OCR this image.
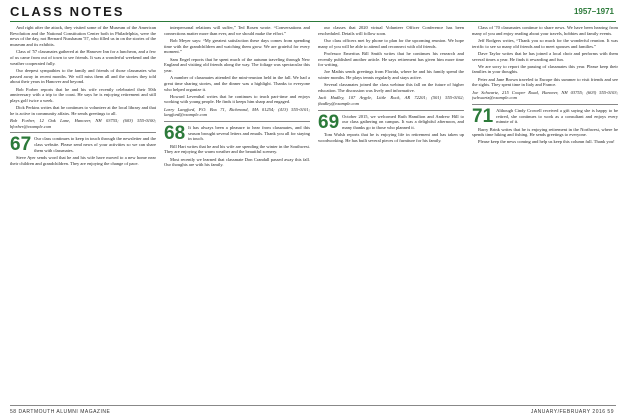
CLASS NOTES	1957–1971

And right after the attack, they visited some of the Museum of the American Revolution and the National Constitution Center both in Philadelphia, were the news of the day, not Bernard Nussbaum '57, who filled us in on the stories of the museum and its exhibits.

Class of '57 classmates gathered at the Hanover Inn for a luncheon, and a few of us came from out of town to see friends. It was a wonderful weekend and the weather cooperated fully.

Our deepest sympathies to the family and friends of those classmates who passed away in recent months. We will miss them all and the stories they told about their years in Hanover and beyond.

Bob Forber reports that he and his wife recently celebrated their 50th anniversary with a trip to the coast. He says he is enjoying retirement and still plays golf twice a week.

Dick Perkins writes that he continues to volunteer at the local library and that he is active in community affairs. He sends greetings to all.

Bob Forber, 12 Oak Lane, Hanover, NH 03755; (603) 555-0100; bforber@example.com

67 Our class continues to keep in touch through the newsletter and the class website. Please send news of your activities so we can share them with classmates.

Steve Ayer sends word that he and his wife have moved to a new home near their children and grandchildren. They are enjoying the change of pace.

interpersonal relations will suffer,” Ted Rosen wrote. “Conversations and connections matter more than ever, and we should make the effort.”

Bob Meyer says: “My greatest satisfaction these days comes from spending time with the grandchildren and watching them grow. We are grateful for every moment.”

Sam Engel reports that he spent much of the autumn traveling through New England and visiting old friends along the way. The foliage was spectacular this year.

A number of classmates attended the mini-reunion held in the fall. We had a great time sharing stories, and the dinner was a highlight. Thanks to everyone who helped organize it.

Howard Leventhal writes that he continues to teach part-time and enjoys working with young people. He finds it keeps him sharp and engaged.

Larry Langford, P.O. Box 71, Richmond, MA 01254; (413) 555-0101; langford@example.com

68 It has always been a pleasure to hear from classmates, and this season brought several letters and emails. Thank you all for staying in touch.

Bill Hart writes that he and his wife are spending the winter in the Southwest. They are enjoying the warm weather and the beautiful scenery.

Most recently we learned that classmate Don Crandall passed away this fall. Our thoughts are with his family.

our classes that 2020 virtual Volunteer Officer Conference has been rescheduled. Details will follow soon.

Our class officers met by phone to plan for the upcoming reunion. We hope many of you will be able to attend and reconnect with old friends.

Professor Emeritus Bill Smith writes that he continues his research and recently published another article. He says retirement has given him more time for writing.

Joe Mathis sends greetings from Florida, where he and his family spend the winter months. He plays tennis regularly and stays active.

Several classmates joined the class webinar this fall on the future of higher education. The discussion was lively and informative.

Jack Hadley, 107 Argyle, Little Rock, AR 72201; (501) 555-0102; jhadley@example.com

69 October 2015, we welcomed Ruth Hamilton and Andrew Hill to our class gathering on campus. It was a delightful afternoon, and many thanks go to those who planned it.

Tom Walsh reports that he is enjoying life in retirement and has taken up woodworking. He has built several pieces of furniture for his family.

Class of '70 classmates continue to share news. We have been hearing from many of you and enjoy reading about your travels, hobbies and family events.

Jeff Rodgers writes, “Thank you so much for the wonderful reunion. It was terrific to see so many old friends and to meet spouses and families.”

Dave Taylor writes that he has joined a local choir and performs with them several times a year. He finds it rewarding and fun.

We are sorry to report the passing of classmates this year. Please keep their families in your thoughts.

Peter and Jane Brown traveled to Europe this summer to visit friends and see the sights. They spent time in Italy and France.

Joe Schwartz, 215 Cooper Road, Hanover, NH 03755; (603) 555-0103; jschwartz@example.com

71 Although Cindy Crowell received a gift saying she is happy to be retired, she continues to work as a consultant and enjoys every minute of it.

Barry Brink writes that he is enjoying retirement in the Northwest, where he spends time hiking and fishing. He sends greetings to everyone.

Please keep the news coming and help us keep this column full. Thank you!

58 DARTMOUTH ALUMNI MAGAZINE	JANUARY/FEBRUARY 2016 59
